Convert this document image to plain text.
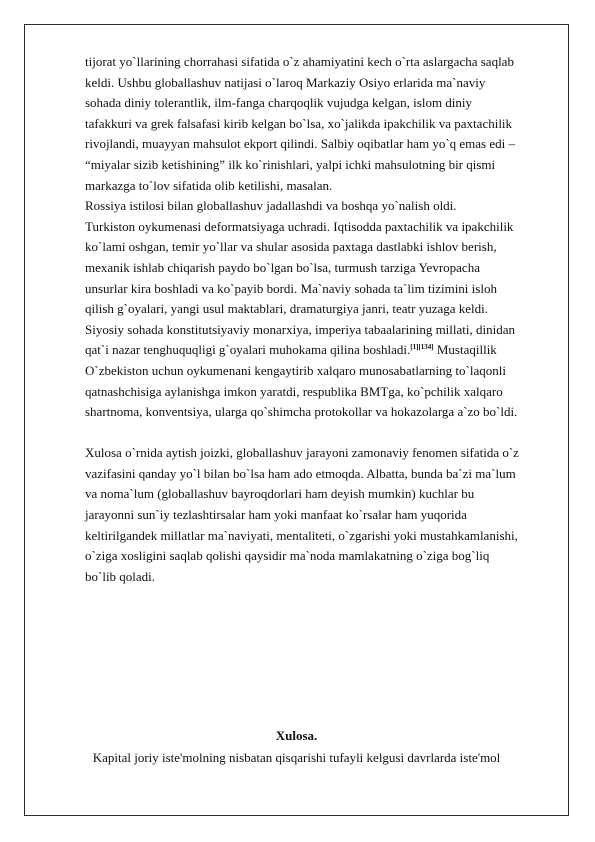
tijorat yo`llarining chorrahasi sifatida o`z ahamiyatini kech o`rta aslargacha saqlab
keldi. Ushbu globallashuv natijasi o`laroq Markaziy Osiyo erlarida ma`naviy
sohada diniy tolerantlik, ilm-fanga charqoqlik vujudga kelgan, islom diniy
tafakkuri va grek falsafasi kirib kelgan bo`lsa, xo`jalikda ipakchilik va paxtachilik
rivojlandi, muayyan mahsulot ekport qilindi. Salbiy oqibatlar ham yo`q emas edi –
“miyalar sizib ketishining” ilk ko`rinishlari, yalpi ichki mahsulotning bir qismi
markazga to`lov sifatida olib ketilishi, masalan.
Rossiya istilosi bilan globallashuv jadallashdi va boshqa yo`nalish oldi.
Turkiston oykumenasi deformatsiyaga uchradi. Iqtisodda paxtachilik va ipakchilik
ko`lami oshgan, temir yo`llar va shular asosida paxtaga dastlabki ishlov berish,
mexanik ishlab chiqarish paydo bo`lgan bo`lsa, turmush tarziga Yevropacha
unsurlar kira boshladi va ko`payib bordi. Ma`naviy sohada ta`lim tizimini isloh
qilish g`oyalari, yangi usul maktablari, dramaturgiya janri, teatr yuzaga keldi.
Siyosiy sohada konstitutsiyaviy monarxiya, imperiya tabaalarining millati, dinidan
qat`i nazar tenghuquqligi g`oyalari muhokama qilina boshladi.[1][134] Mustaqillik
O`zbekiston uchun oykumenani kengaytirib xalqaro munosabatlarning to`laqonli
qatnashchisiga aylanishga imkon yaratdi, respublika BMTga, ko`pchilik xalqaro
shartnoma, konventsiya, ularga qo`shimcha protokollar va hokazolarga a`zo bo`ldi.
Xulosa o`rnida aytish joizki, globallashuv jarayoni zamonaviy fenomen sifatida o`z
vazifasini qanday yo`l bilan bo`lsa ham ado etmoqda. Albatta, bunda ba`zi ma`lum
va noma`lum (globallashuv bayroqdorlari ham deyish mumkin) kuchlar bu
jarayonni sun`iy tezlashtirsalar ham yoki manfaat ko`rsalar ham yuqorida
keltirilgandek millatlar ma`naviyati, mentaliteti, o`zgarishi yoki mustahkamlanishi,
o`ziga xosligini saqlab qolishi qaysidir ma`noda mamlakatning o`ziga bog`liq
bo`lib qoladi.
Xulosa.
Kapital joriy iste'molning nisbatan qisqarishi tufayli kelgusi davrlarda iste'mol
